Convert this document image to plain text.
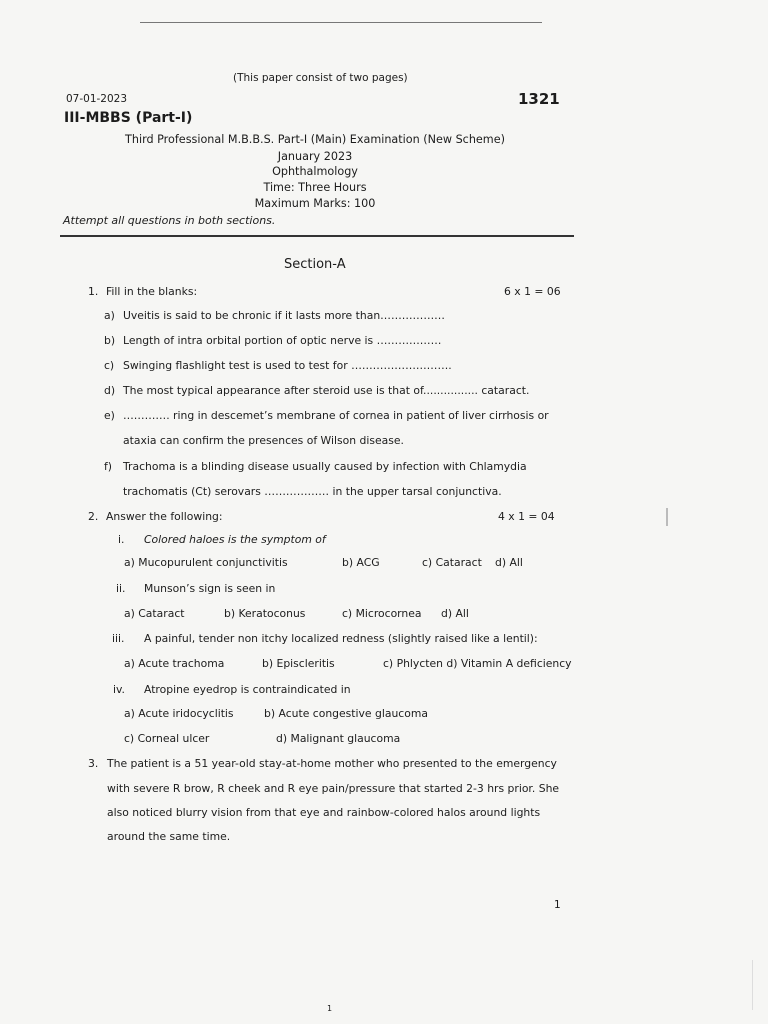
(This paper consist of two pages)
07-01-2023	1321
III-MBBS (Part-I)
Third Professional M.B.B.S. Part-I (Main) Examination (New Scheme)
January 2023
Ophthalmology
Time: Three Hours
Maximum Marks: 100
Attempt all questions in both sections.
Section-A
1. Fill in the blanks:	6 x 1 = 06
a) Uveitis is said to be chronic if it lasts more than………………
b) Length of intra orbital portion of optic nerve is ………………
c) Swinging flashlight test is used to test for ……………………….
d) The most typical appearance after steroid use is that of................ cataract.
e) …………. ring in descemet’s membrane of cornea in patient of liver cirrhosis or
ataxia can confirm the presences of Wilson disease.
f) Trachoma is a blinding disease usually caused by infection with Chlamydia
trachomatis (Ct) serovars ……………… in the upper tarsal conjunctiva.
2. Answer the following:	4 x 1 = 04
i. Colored haloes is the symptom of
a) Mucopurulent conjunctivitis	b) ACG	c) Cataract d) All
ii. Munson’s sign is seen in
a) Cataract	b) Keratoconus	c) Microcornea d) All
iii. A painful, tender non itchy localized redness (slightly raised like a lentil):
a) Acute trachoma	b) Episcleritis	c) Phlycten d) Vitamin A deficiency
iv. Atropine eyedrop is contraindicated in
a) Acute iridocyclitis	b) Acute congestive glaucoma
c) Corneal ulcer	d) Malignant glaucoma
3. The patient is a 51 year-old stay-at-home mother who presented to the emergency
with severe R brow, R cheek and R eye pain/pressure that started 2-3 hrs prior. She
also noticed blurry vision from that eye and rainbow-colored halos around lights
around the same time.
1
1
